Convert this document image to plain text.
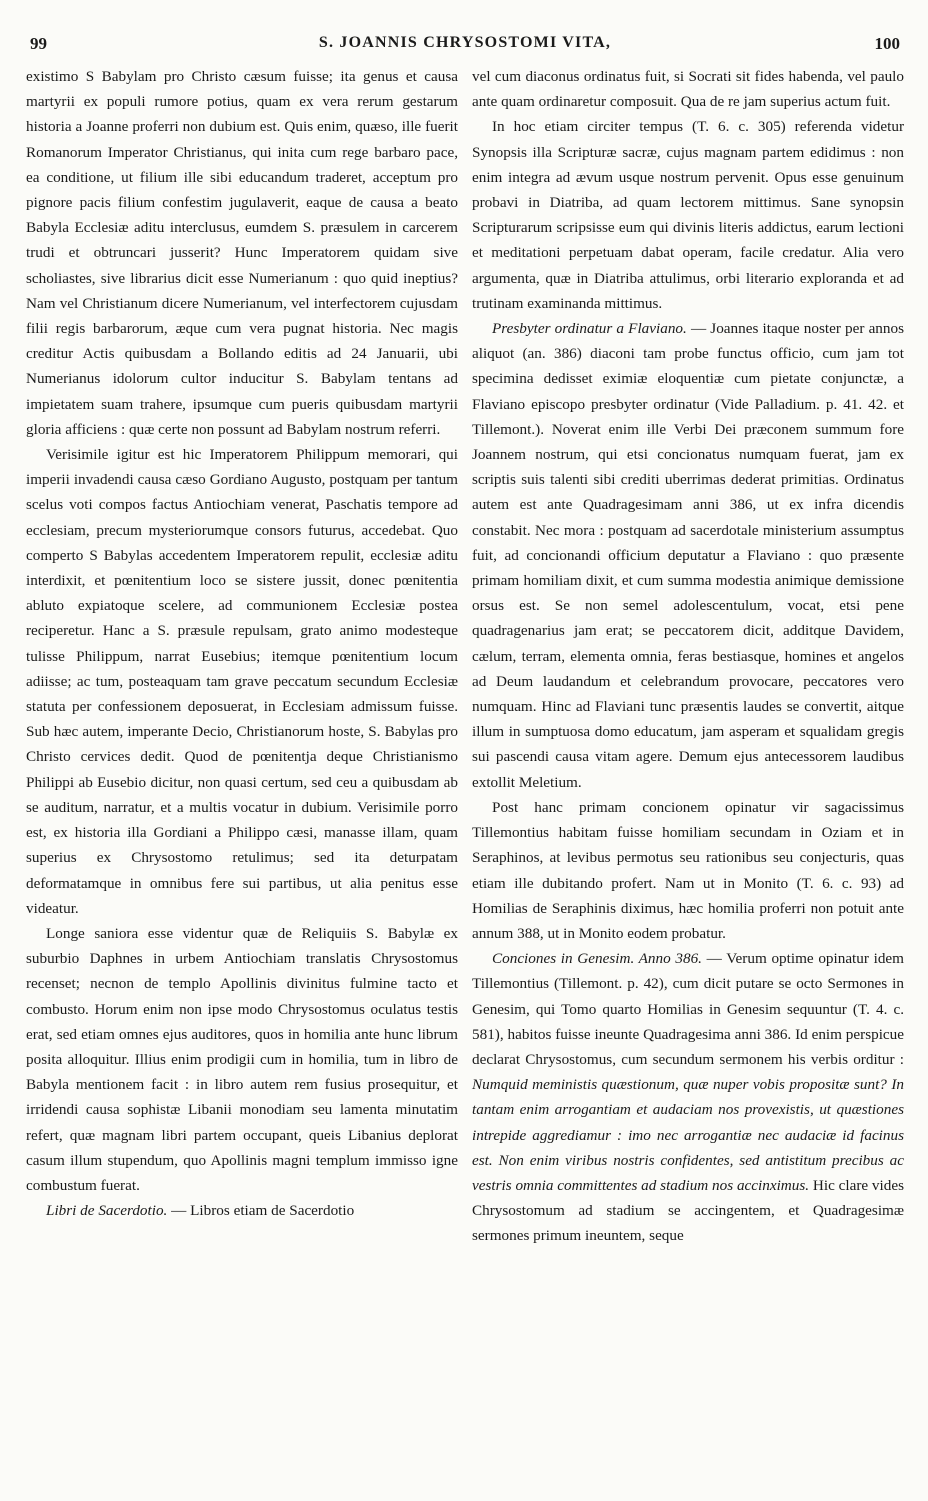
99	S. JOANNIS CHRYSOSTOMI VITA,	100

existimo S Babylam pro Christo cæsum fuisse; ita genus et causa martyrii ex populi rumore potius, quam ex vera rerum gestarum historia a Joanne proferri non dubium est. Quis enim, quæso, ille fuerit Romanorum Imperator Christianus, qui inita cum rege barbaro pace, ea conditione, ut filium ille sibi educandum traderet, acceptum pro pignore pacis filium confestim jugulaverit, eaque de causa a beato Babyla Ecclesiæ aditu interclusus, eumdem S. præsulem in carcerem trudi et obtruncari jusserit? Hunc Imperatorem quidam sive scholiastes, sive librarius dicit esse Numerianum : quo quid ineptius? Nam vel Christianum dicere Numerianum, vel interfectorem cujusdam filii regis barbarorum, æque cum vera pugnat historia. Nec magis creditur Actis quibusdam a Bollando editis ad 24 Januarii, ubi Numerianus idolorum cultor inducitur S. Babylam tentans ad impietatem suam trahere, ipsumque cum pueris quibusdam martyrii gloria afficiens : quæ certe non possunt ad Babylam nostrum referri.

Verisimile igitur est hic Imperatorem Philippum memorari, qui imperii invadendi causa cæso Gordiano Augusto, postquam per tantum scelus voti compos factus Antiochiam venerat, Paschatis tempore ad ecclesiam, precum mysteriorumque consors futurus, accedebat. Quo comperto S Babylas accedentem Imperatorem repulit, ecclesiæ aditu interdixit, et pœnitentium loco se sistere jussit, donec pœnitentia abluto expiatoque scelere, ad communionem Ecclesiæ postea reciperetur. Hanc a S. præsule repulsam, grato animo modesteque tulisse Philippum, narrat Eusebius; itemque pœnitentium locum adiisse; ac tum, posteaquam tam grave peccatum secundum Ecclesiæ statuta per confessionem deposuerat, in Ecclesiam admissum fuisse. Sub hæc autem, imperante Decio, Christianorum hoste, S. Babylas pro Christo cervices dedit. Quod de pœnitentja deque Christianismo Philippi ab Eusebio dicitur, non quasi certum, sed ceu a quibusdam ab se auditum, narratur, et a multis vocatur in dubium. Verisimile porro est, ex historia illa Gordiani a Philippo cæsi, manasse illam, quam superius ex Chrysostomo retulimus; sed ita deturpatam deformatamque in omnibus fere sui partibus, ut alia penitus esse videatur.

Longe saniora esse videntur quæ de Reliquiis S. Babylæ ex suburbio Daphnes in urbem Antiochiam translatis Chrysostomus recenset; necnon de templo Apollinis divinitus fulmine tacto et combusto. Horum enim non ipse modo Chrysostomus oculatus testis erat, sed etiam omnes ejus auditores, quos in homilia ante hunc librum posita alloquitur. Illius enim prodigii cum in homilia, tum in libro de Babyla mentionem facit : in libro autem rem fusius prosequitur, et irridendi causa sophistæ Libanii monodiam seu lamenta minutatim refert, quæ magnam libri partem occupant, queis Libanius deplorat casum illum stupendum, quo Apollinis magni templum immisso igne combustum fuerat.

Libri de Sacerdotio. — Libros etiam de Sacerdotio

vel cum diaconus ordinatus fuit, si Socrati sit fides habenda, vel paulo ante quam ordinaretur composuit. Qua de re jam superius actum fuit.

In hoc etiam circiter tempus (T. 6. c. 305) referenda videtur Synopsis illa Scripturæ sacræ, cujus magnam partem edidimus : non enim integra ad ævum usque nostrum pervenit. Opus esse genuinum probavi in Diatriba, ad quam lectorem mittimus. Sane synopsin Scripturarum scripsisse eum qui divinis literis addictus, earum lectioni et meditationi perpetuam dabat operam, facile credatur. Alia vero argumenta, quæ in Diatriba attulimus, orbi literario exploranda et ad trutinam examinanda mittimus.

Presbyter ordinatur a Flaviano. — Joannes itaque noster per annos aliquot (an. 386) diaconi tam probe functus officio, cum jam tot specimina dedisset eximiæ eloquentiæ cum pietate conjunctæ, a Flaviano episcopo presbyter ordinatur (Vide Palladium. p. 41. 42. et Tillemont.). Noverat enim ille Verbi Dei præconem summum fore Joannem nostrum, qui etsi concionatus numquam fuerat, jam ex scriptis suis talenti sibi crediti uberrimas dederat primitias. Ordinatus autem est ante Quadragesimam anni 386, ut ex infra dicendis constabit. Nec mora : postquam ad sacerdotale ministerium assumptus fuit, ad concionandi officium deputatur a Flaviano : quo præsente primam homiliam dixit, et cum summa modestia animique demissione orsus est. Se non semel adolescentulum, vocat, etsi pene quadragenarius jam erat; se peccatorem dicit, additque Davidem, cælum, terram, elementa omnia, feras bestiasque, homines et angelos ad Deum laudandum et celebrandum provocare, peccatores vero numquam. Hinc ad Flaviani tunc præsentis laudes se convertit, aitque illum in sumptuosa domo educatum, jam asperam et squalidam gregis sui pascendi causa vitam agere. Demum ejus antecessorem laudibus extollit Meletium.

Post hanc primam concionem opinatur vir sagacissimus Tillemontius habitam fuisse homiliam secundam in Oziam et in Seraphinos, at levibus permotus seu rationibus seu conjecturis, quas etiam ille dubitando profert. Nam ut in Monito (T. 6. c. 93) ad Homilias de Seraphinis diximus, hæc homilia proferri non potuit ante annum 388, ut in Monito eodem probatur.

Conciones in Genesim. Anno 386. — Verum optime opinatur idem Tillemontius (Tillemont. p. 42), cum dicit putare se octo Sermones in Genesim, qui Tomo quarto Homilias in Genesim sequuntur (T. 4. c. 581), habitos fuisse ineunte Quadragesima anni 386. Id enim perspicue declarat Chrysostomus, cum secundum sermonem his verbis orditur : Numquid meministis quæstionum, quæ nuper vobis propositæ sunt? In tantam enim arrogantiam et audaciam nos provexistis, ut quæstiones intrepide aggrediamur : imo nec arrogantiæ nec audaciæ id facinus est. Non enim viribus nostris confidentes, sed antistitum precibus ac vestris omnia committentes ad stadium nos accinximus. Hic clare vides Chrysostomum ad stadium se accingentem, et Quadragesimæ sermones primum ineuntem, seque
